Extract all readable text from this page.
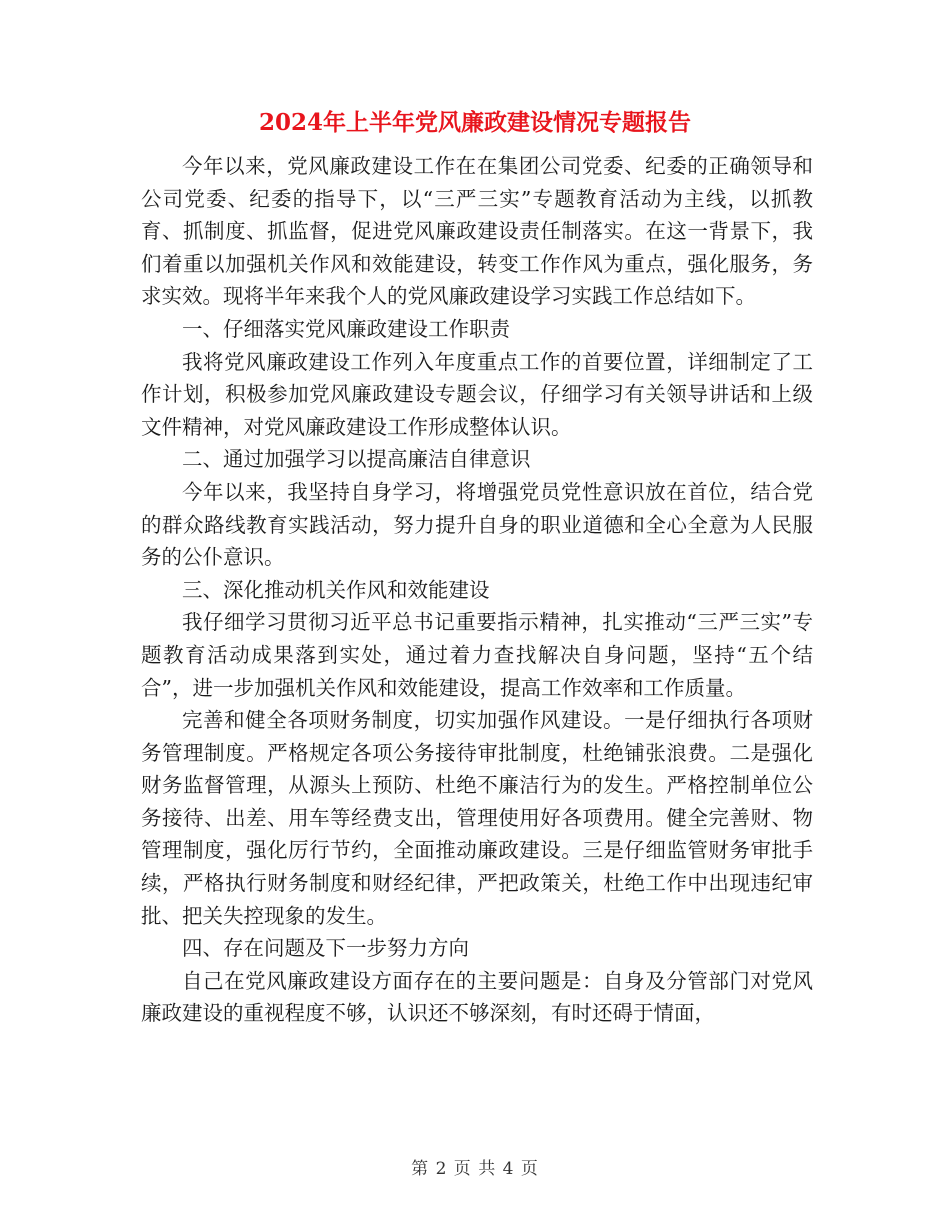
2024年上半年党风廉政建设情况专题报告

今年以来，党风廉政建设工作在在集团公司党委、纪委的正确领导和公司党委、纪委的指导下，以“三严三实”专题教育活动为主线，以抓教育、抓制度、抓监督，促进党风廉政建设责任制落实。在这一背景下，我们着重以加强机关作风和效能建设，转变工作作风为重点，强化服务，务求实效。现将半年来我个人的党风廉政建设学习实践工作总结如下。

一、仔细落实党风廉政建设工作职责

我将党风廉政建设工作列入年度重点工作的首要位置，详细制定了工作计划，积极参加党风廉政建设专题会议，仔细学习有关领导讲话和上级文件精神，对党风廉政建设工作形成整体认识。

二、通过加强学习以提高廉洁自律意识

今年以来，我坚持自身学习，将增强党员党性意识放在首位，结合党的群众路线教育实践活动，努力提升自身的职业道德和全心全意为人民服务的公仆意识。

三、深化推动机关作风和效能建设

我仔细学习贯彻习近平总书记重要指示精神，扎实推动“三严三实”专题教育活动成果落到实处，通过着力查找解决自身问题，坚持“五个结合”，进一步加强机关作风和效能建设，提高工作效率和工作质量。

完善和健全各项财务制度，切实加强作风建设。一是仔细执行各项财务管理制度。严格规定各项公务接待审批制度，杜绝铺张浪费。二是强化财务监督管理，从源头上预防、杜绝不廉洁行为的发生。严格控制单位公务接待、出差、用车等经费支出，管理使用好各项费用。健全完善财、物管理制度，强化厉行节约，全面推动廉政建设。三是仔细监管财务审批手续，严格执行财务制度和财经纪律，严把政策关，杜绝工作中出现违纪审批、把关失控现象的发生。

四、存在问题及下一步努力方向

自己在党风廉政建设方面存在的主要问题是：自身及分管部门对党风廉政建设的重视程度不够，认识还不够深刻，有时还碍于情面，

第 2 页 共 4 页
